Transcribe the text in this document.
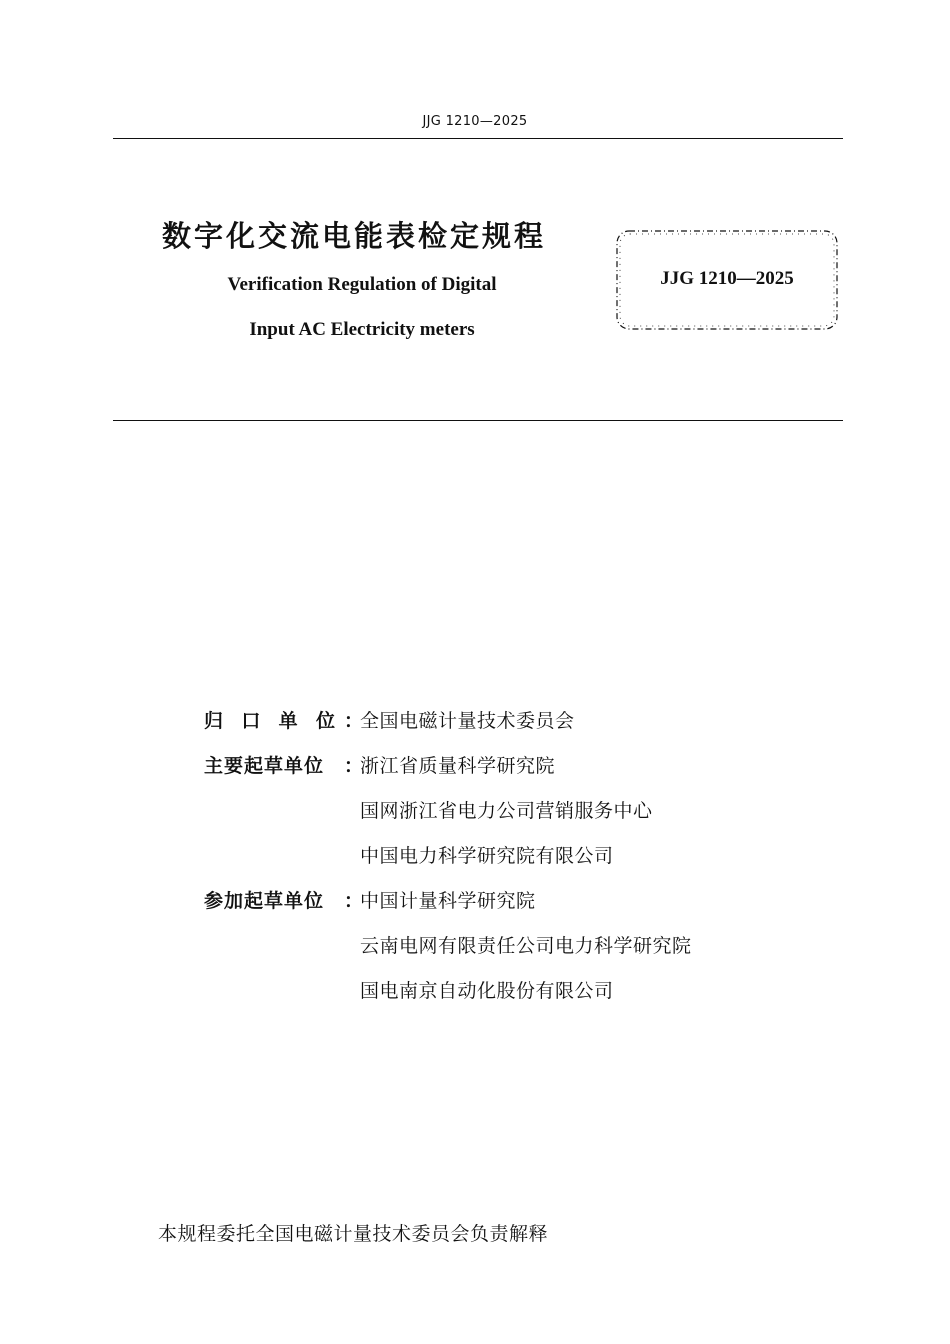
JJG 1210—2025
数字化交流电能表检定规程
Verification Regulation of Digital
Input AC Electricity meters
JJG 1210—2025
归 口 单 位 ：
全国电磁计量技术委员会
主要起草单位	：
浙江省质量科学研究院
国网浙江省电力公司营销服务中心
中国电力科学研究院有限公司
参加起草单位	：
中国计量科学研究院
云南电网有限责任公司电力科学研究院
国电南京自动化股份有限公司
本规程委托全国电磁计量技术委员会负责解释
